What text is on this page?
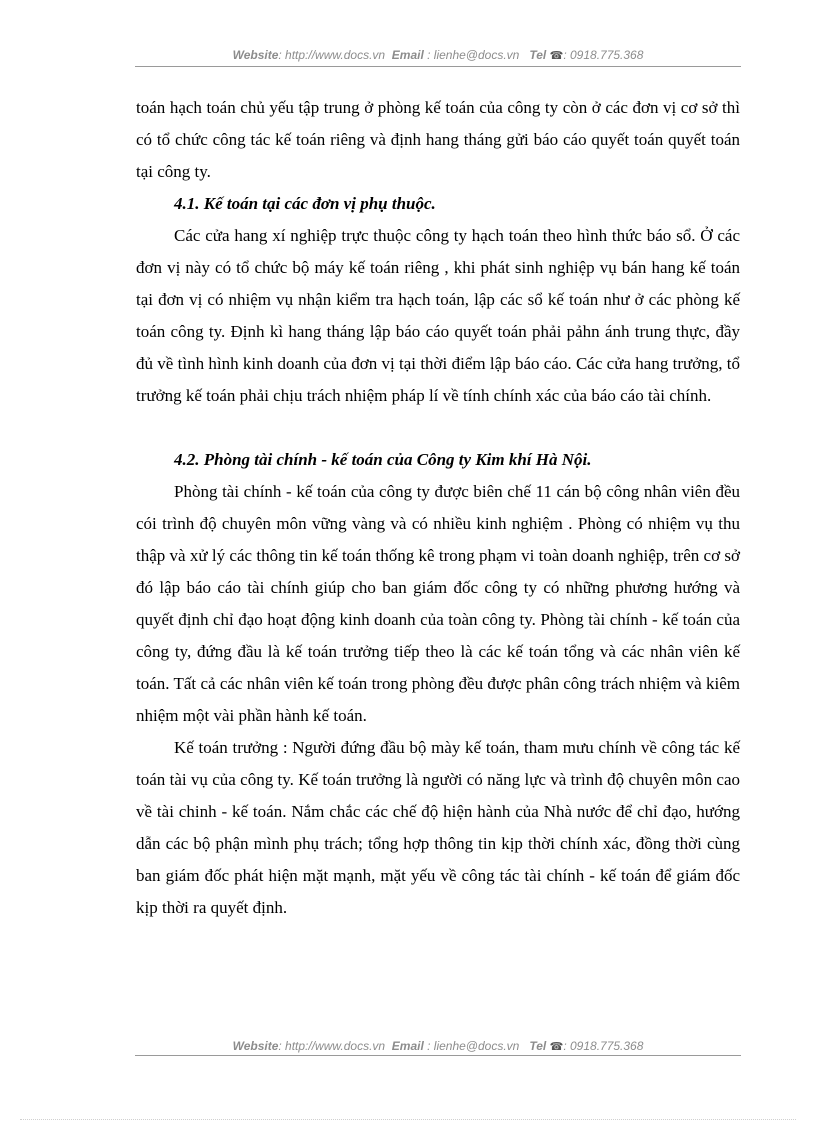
Website: http://www.docs.vn Email : lienhe@docs.vn Tel ☎: 0918.775.368

toán hạch toán chủ yếu tập trung ở phòng kế toán của công ty còn ở các đơn vị cơ sở thì có tổ chức công tác kế toán riêng và định hang tháng gửi báo cáo quyết toán quyết toán tại công ty.

4.1. Kế toán tại các đơn vị phụ thuộc.

Các cửa hang xí nghiệp trực thuộc công ty hạch toán theo hình thức báo sổ. Ở các đơn vị này có tổ chức bộ máy kế toán riêng , khi phát sinh nghiệp vụ bán hang kế toán tại đơn vị có nhiệm vụ nhận kiểm tra hạch toán, lập các sổ kế toán như ở các phòng kế toán công ty. Định kì hang tháng lập báo cáo quyết toán phải pảhn ánh trung thực, đầy đủ về tình hình kinh doanh của đơn vị tại thời điểm lập báo cáo. Các cửa hang trưởng, tổ trưởng kế toán phải chịu trách nhiệm pháp lí về tính chính xác của báo cáo tài chính.

4.2. Phòng tài chính - kế toán của Công ty Kim khí Hà Nội.

Phòng tài chính - kế toán của công ty được biên chế 11 cán bộ công nhân viên đều cói trình độ chuyên môn vững vàng và có nhiều kinh nghiệm . Phòng có nhiệm vụ thu thập và xử lý các thông tin kế toán thống kê trong phạm vi toàn doanh nghiệp, trên cơ sở đó lập báo cáo tài chính giúp cho ban giám đốc công ty có những phương hướng và quyết định chỉ đạo hoạt động kinh doanh của toàn công ty. Phòng tài chính - kế toán của công ty, đứng đầu là kế toán trưởng tiếp theo là các kế toán tổng và các nhân viên kế toán. Tất cả các nhân viên kế toán trong phòng đều được phân công trách nhiệm và kiêm nhiệm một vài phần hành kế toán.

Kế toán trưởng : Người đứng đầu bộ mày kế toán, tham mưu chính về công tác kế toán tài vụ của công ty. Kế toán trưởng là người có năng lực và trình độ chuyên môn cao về tài chinh - kế toán. Nắm chắc các chế độ hiện hành của Nhà nước để chỉ đạo, hướng dẫn các bộ phận mình phụ trách; tổng hợp thông tin kịp thời chính xác, đồng thời cùng ban giám đốc phát hiện mặt mạnh, mặt yếu về công tác tài chính - kế toán để giám đốc kịp thời ra quyết định.

Website: http://www.docs.vn Email : lienhe@docs.vn Tel ☎: 0918.775.368
